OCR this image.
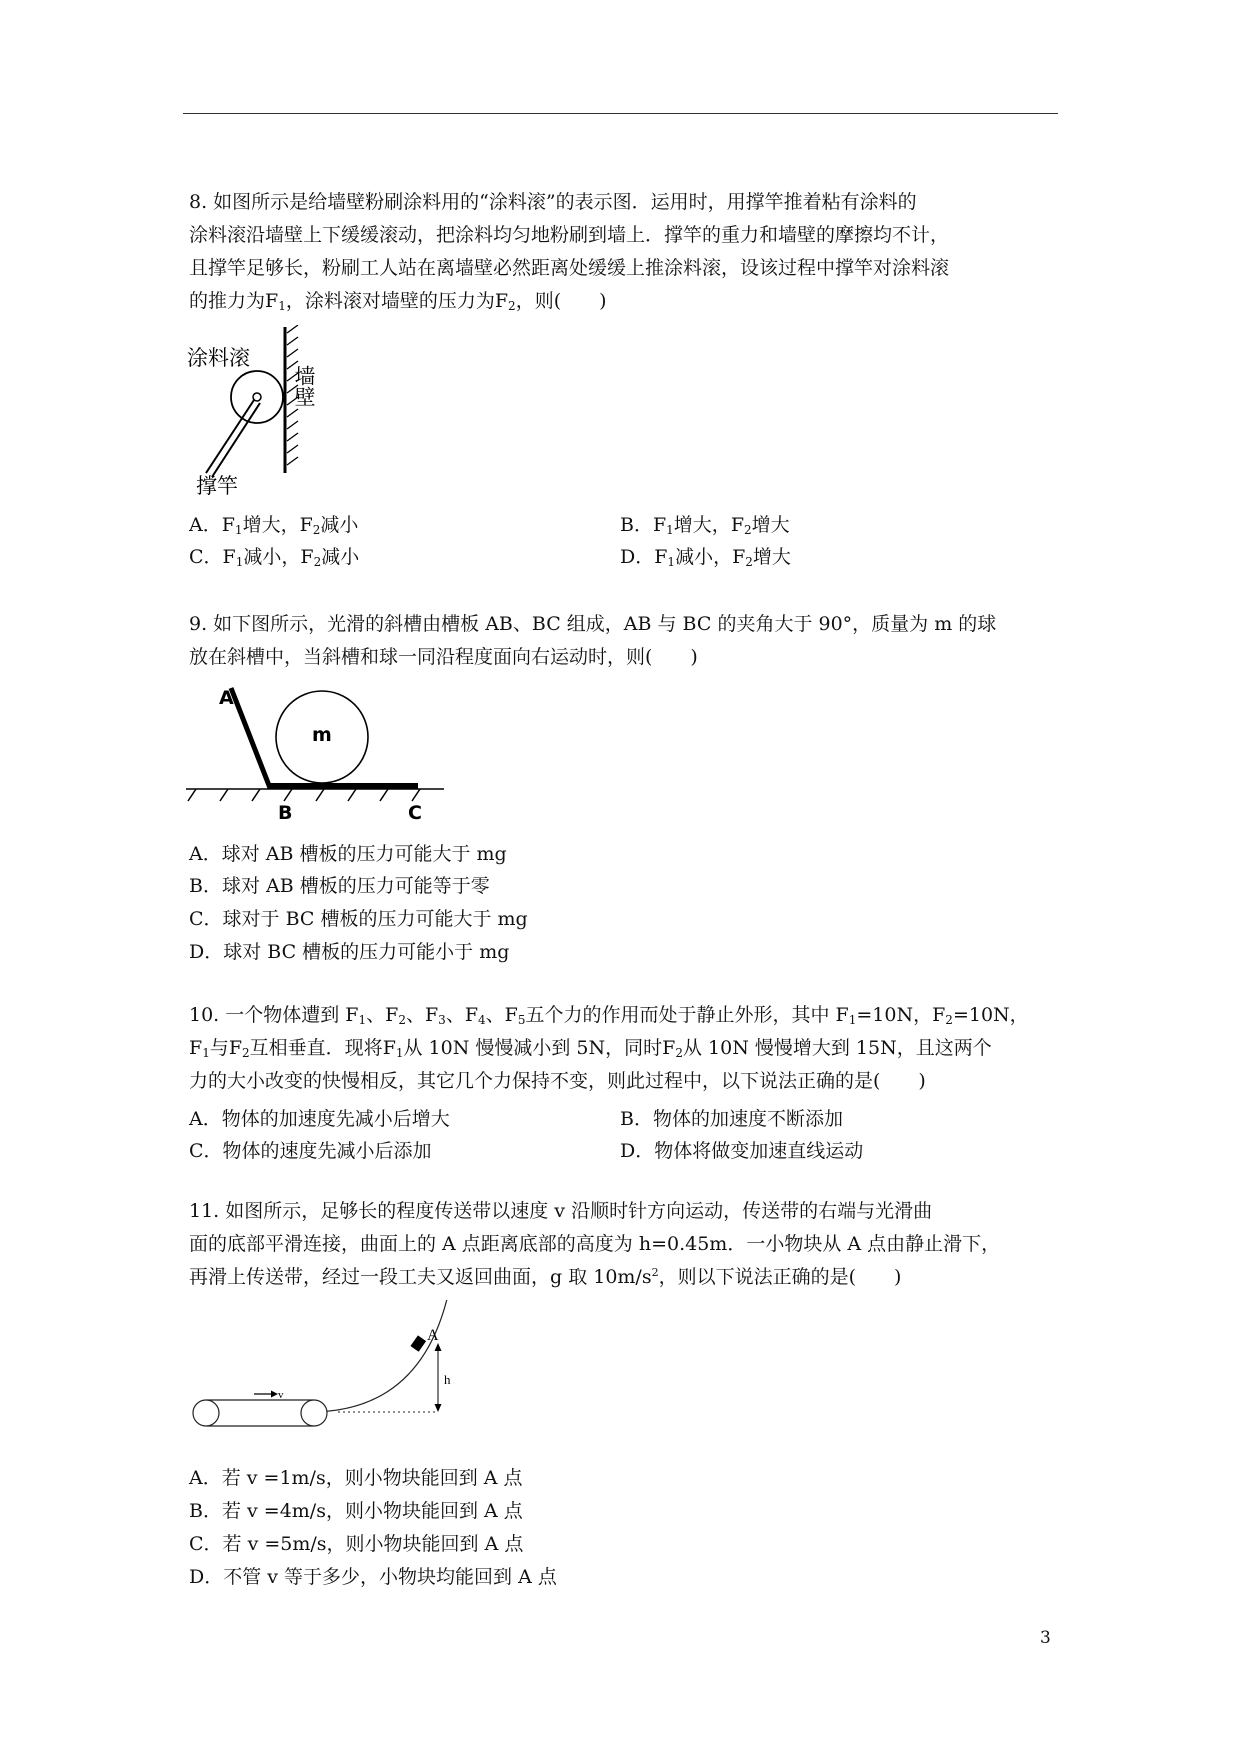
8. 如图所示是给墙壁粉刷涂料用的“涂料滚”的表示图．运用时，用撑竿推着粘有涂料的

涂料滚沿墙壁上下缓缓滚动，把涂料均匀地粉刷到墙上．撑竿的重力和墙壁的摩擦均不计，

且撑竿足够长，粉刷工人站在离墙壁必然距离处缓缓上推涂料滚，设该过程中撑竿对涂料滚

的推力为$F_1$，涂料滚对墙壁的压力为$F_2$，则(　　)

涂料滚
墙壁
撑竿
A．$F_1$增大，$F_2$减小	B．$F_1$增大，$F_2$增大
C．$F_1$减小，$F_2$减小	D．$F_1$减小，$F_2$增大

9. 如下图所示，光滑的斜槽由槽板 AB、BC 组成，AB 与 BC 的夹角大于 90°，质量为 m 的球

放在斜槽中，当斜槽和球一同沿程度面向右运动时，则(　　)

A
m
B	C
A．球对 AB 槽板的压力可能大于 mg
B．球对 AB 槽板的压力可能等于零
C．球对于 BC 槽板的压力可能大于 mg
D．球对 BC 槽板的压力可能小于 mg

10. 一个物体遭到 $F_1$、$F_2$、$F_3$、$F_4$、$F_5$五个力的作用而处于静止外形，其中 $F_1=10N$，$F_2=10N$，

$F_1$与$F_2$互相垂直．现将$F_1$从 10N 慢慢减小到 5N，同时$F_2$从 10N 慢慢增大到 15N，且这两个

力的大小改变的快慢相反，其它几个力保持不变，则此过程中，以下说法正确的是(　　)

A．物体的加速度先减小后增大	B．物体的加速度不断添加
C．物体的速度先减小后添加	D．物体将做变加速直线运动

11. 如图所示，足够长的程度传送带以速度 v 沿顺时针方向运动，传送带的右端与光滑曲

面的底部平滑连接，曲面上的 A 点距离底部的高度为 h=0.45m．一小物块从 A 点由静止滑下，

再滑上传送带，经过一段工夫又返回曲面，g 取 $10m/s^2$，则以下说法正确的是(　　)

A
h
v
A．若 v =1m/s，则小物块能回到 A 点
B．若 v =4m/s，则小物块能回到 A 点
C．若 v =5m/s，则小物块能回到 A 点
D．不管 v 等于多少，小物块均能回到 A 点
3
